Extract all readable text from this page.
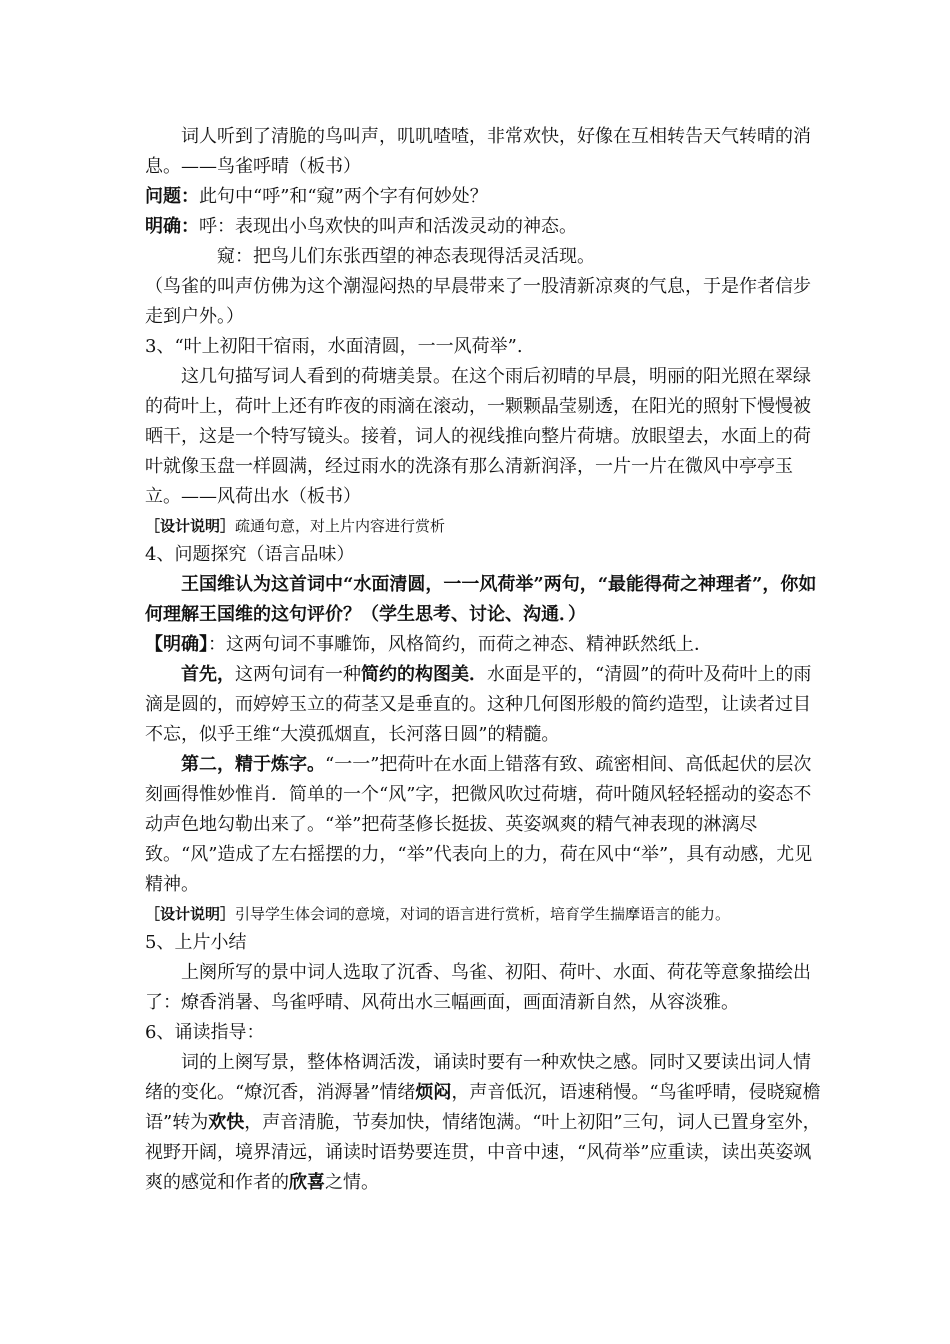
词人听到了清脆的鸟叫声，叽叽喳喳，非常欢快，好像在互相转告天气转晴的消息。——鸟雀呼晴（板书）

问题：此句中“呼”和“窥”两个字有何妙处？

明确：呼：表现出小鸟欢快的叫声和活泼灵动的神态。

窥：把鸟儿们东张西望的神态表现得活灵活现。

（鸟雀的叫声仿佛为这个潮湿闷热的早晨带来了一股清新凉爽的气息，于是作者信步走到户外。）

3、“叶上初阳干宿雨，水面清圆，一一风荷举”.

这几句描写词人看到的荷塘美景。在这个雨后初晴的早晨，明丽的阳光照在翠绿的荷叶上，荷叶上还有昨夜的雨滴在滚动，一颗颗晶莹剔透，在阳光的照射下慢慢被晒干，这是一个特写镜头。接着，词人的视线推向整片荷塘。放眼望去，水面上的荷叶就像玉盘一样圆满，经过雨水的洗涤有那么清新润泽，一片一片在微风中亭亭玉立。——风荷出水（板书）

［设计说明］疏通句意，对上片内容进行赏析

4、问题探究（语言品味）

王国维认为这首词中“水面清圆，一一风荷举”两句，“最能得荷之神理者”，你如何理解王国维的这句评价？（学生思考、讨论、沟通．）

【明确】：这两句词不事雕饰，风格简约，而荷之神态、精神跃然纸上．

首先，这两句词有一种简约的构图美．水面是平的，“清圆”的荷叶及荷叶上的雨滴是圆的，而婷婷玉立的荷茎又是垂直的。这种几何图形般的简约造型，让读者过目不忘，似乎王维“大漠孤烟直，长河落日圆”的精髓。

第二，精于炼字。“一一”把荷叶在水面上错落有致、疏密相间、高低起伏的层次刻画得惟妙惟肖．简单的一个“风”字，把微风吹过荷塘，荷叶随风轻轻摇动的姿态不动声色地勾勒出来了。“举”把荷茎修长挺拔、英姿飒爽的精气神表现的淋漓尽致。“风”造成了左右摇摆的力，“举”代表向上的力，荷在风中“举”，具有动感，尤见精神。

［设计说明］引导学生体会词的意境，对词的语言进行赏析，培育学生揣摩语言的能力。

5、上片小结

上阕所写的景中词人选取了沉香、鸟雀、初阳、荷叶、水面、荷花等意象描绘出了：燎香消暑、鸟雀呼晴、风荷出水三幅画面，画面清新自然，从容淡雅。

6、诵读指导：

词的上阕写景，整体格调活泼，诵读时要有一种欢快之感。同时又要读出词人情绪的变化。“燎沉香，消溽暑”情绪烦闷，声音低沉，语速稍慢。“鸟雀呼晴，侵晓窥檐语”转为欢快，声音清脆，节奏加快，情绪饱满。“叶上初阳”三句，词人已置身室外，视野开阔，境界清远，诵读时语势要连贯，中音中速，“风荷举”应重读，读出英姿飒爽的感觉和作者的欣喜之情。
